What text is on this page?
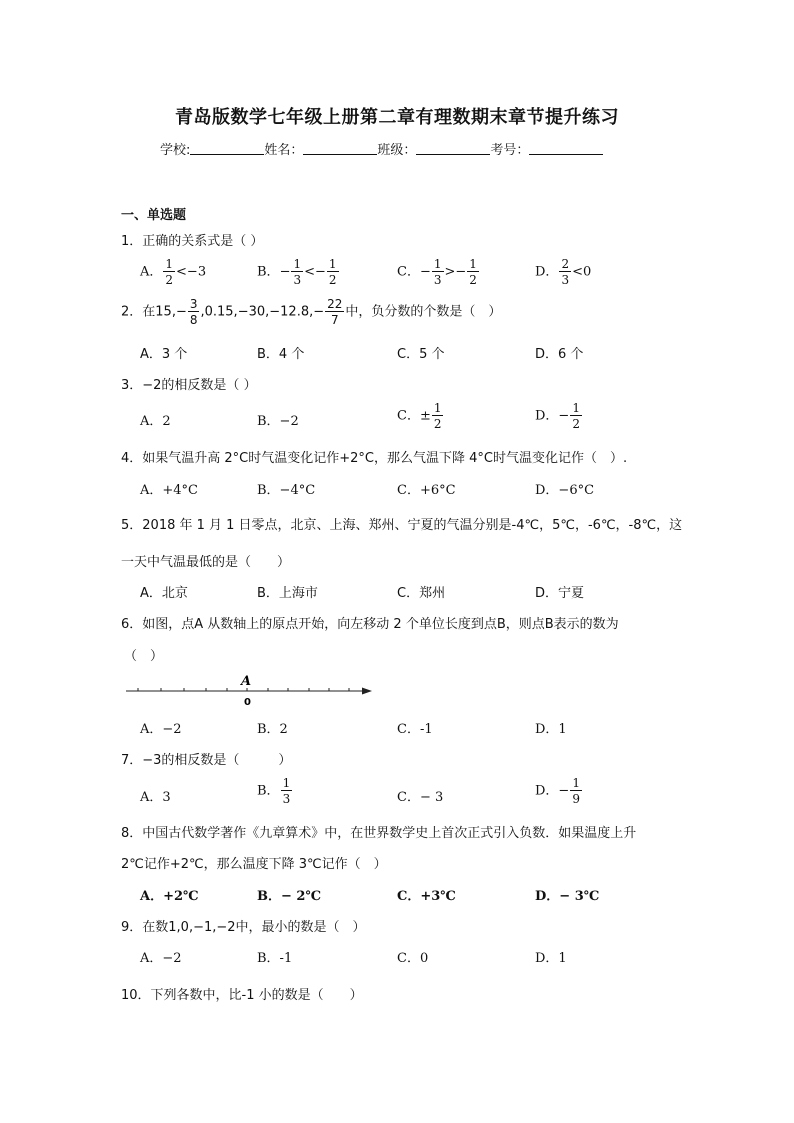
青岛版数学七年级上册第二章有理数期末章节提升练习
学校:	姓名：	班级：	考号：
一、单选题
1．正确的关系式是（ ）
A． $\frac{1}{2} <-3$	B．− $\frac{1}{3} <- \frac{1}{2}$	C．− $\frac{1}{3} >- \frac{1}{2}$	D． $\frac{2}{3} <0$
2．在$15,- \frac{3}{8} ,0.15,-30,-12.8,- \frac{22}{7}$ 中，负分数的个数是（　）
A．3 个	B．4 个	C．5 个	D．6 个
3．−2的相反数是（ ）
A．2	B．−2	C．± $\frac{1}{2}$	D．− $\frac{1}{2}$
4．如果气温升高 2°C时气温变化记作+2°C，那么气温下降 4°C时气温变化记作（　）.
A．+4°C	B．−4°C	C．+6°C	D．−6°C
5．2018 年 1 月 1 日零点，北京、上海、郑州、宁夏的气温分别是-4℃，5℃，-6℃，-8℃，这
一天中气温最低的是（　　）
A．北京	B．上海市	C．郑州	D．宁夏
6．如图，点A 从数轴上的原点开始，向左移动 2 个单位长度到点B，则点B表示的数为
（　）
A
0
A．−2	B．2	C．-1	D．1
7．−3的相反数是（　　　）
A．3	B． $\frac{1}{3}$	C．− 3	D．− $\frac{1}{9}$
8．中国古代数学著作《九章算术》中，在世界数学史上首次正式引入负数．如果温度上升
2℃记作+2℃，那么温度下降 3℃记作（　）
A．+2℃	B．− 2℃	C．+3℃	D．− 3℃
9．在数1,0,−1,−2中，最小的数是（　）
A．−2	B．-1	C．0	D．1
10．下列各数中，比-1 小的数是（　　）
